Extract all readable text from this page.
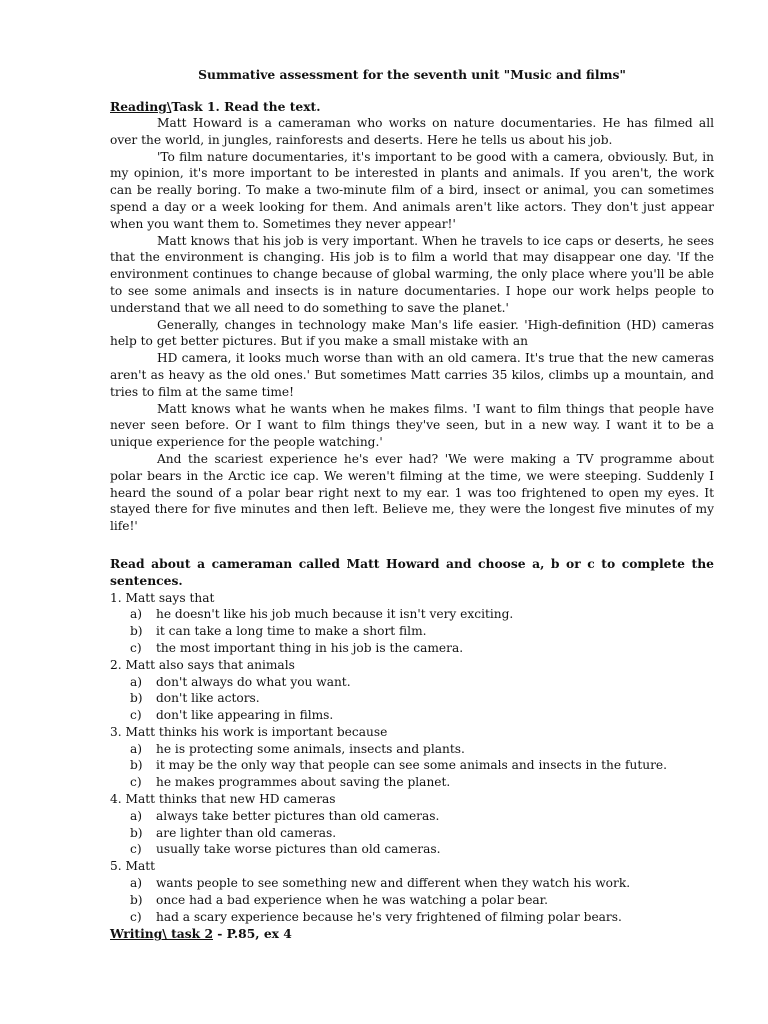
Summative assessment for the seventh unit "Music and films"
Reading\Task 1. Read the text.

Matt Howard is a cameraman who works on nature documentaries. He has filmed all over the world, in jungles, rainforests and deserts. Here he tells us about his job.

'To film nature documentaries, it's important to be good with a camera, obviously. But, in my opinion, it's more important to be interested in plants and animals. If you aren't, the work can be really boring. To make a two-minute film of a bird, insect or animal, you can sometimes spend a day or a week looking for them. And animals aren't like actors. They don't just appear when you want them to. Sometimes they never appear!'

Matt knows that his job is very important. When he travels to ice caps or deserts, he sees that the environment is changing. His job is to film a world that may disappear one day. 'If the environment continues to change because of global warming, the only place where you'll be able to see some animals and insects is in nature documentaries. I hope our work helps people to understand that we all need to do something to save the planet.'

Generally, changes in technology make Man's life easier. 'High-definition (HD) cameras help to get better pictures. But if you make a small mistake with an

HD camera, it looks much worse than with an old camera. It's true that the new cameras aren't as heavy as the old ones.' But sometimes Matt carries 35 kilos, climbs up a mountain, and tries to film at the same time!

Matt knows what he wants when he makes films. 'I want to film things that people have never seen before. Or I want to film things they've seen, but in a new way. I want it to be a unique experience for the people watching.'

And the scariest experience he's ever had? 'We were making a TV programme about polar bears in the Arctic ice cap. We weren't filming at the time, we were steeping. Suddenly I heard the sound of a polar bear right next to my ear. 1 was too frightened to open my eyes. It stayed there for five minutes and then left. Believe me, they were the longest five minutes of my life!'

Read about a cameraman called Matt Howard and choose a, b or c to complete the sentences.

1. Matt says that

a) he doesn't like his job much because it isn't very exciting.
b) it can take a long time to make a short film.
c) the most important thing in his job is the camera.

2. Matt also says that animals

a) don't always do what you want.
b) don't like actors.
c) don't like appearing in films.

3. Matt thinks his work is important because

a) he is protecting some animals, insects and plants.
b) it may be the only way that people can see some animals and insects in the future.
c) he makes programmes about saving the planet.

4. Matt thinks that new HD cameras

a) always take better pictures than old cameras.
b) are lighter than old cameras.
c) usually take worse pictures than old cameras.

5. Matt

a) wants people to see something new and different when they watch his work.
b) once had a bad experience when he was watching a polar bear.
c) had a scary experience because he's very frightened of filming polar bears.
Writing\ task 2 - P.85, ex 4
